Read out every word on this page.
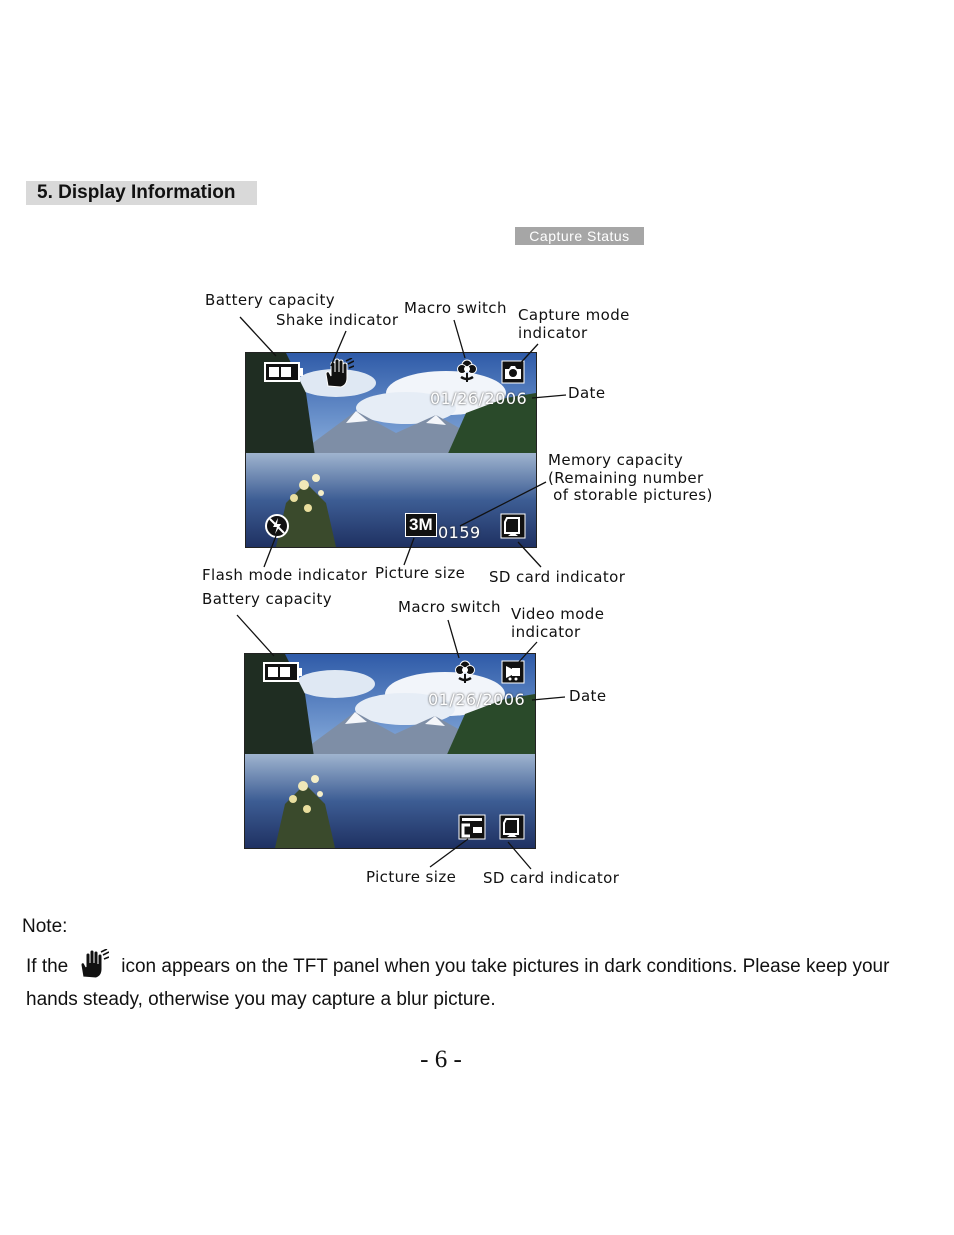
5. Display Information
Capture Status
01/26/2006
3M 0159
01/26/2006
Battery capacity
Shake indicator
Macro switch Capture mode
indicator
Date
Memory capacity
(Remaining number
of storable pictures)
Flash mode indicator Picture size SD card indicator
Battery capacity	Macro switch Video mode
indicator
Date
Picture size SD card indicator
Note:
If the	icon appears on the TFT panel when you take pictures in dark conditions. Please keep your hands steady, otherwise you may capture a blur picture.
- 6 -
